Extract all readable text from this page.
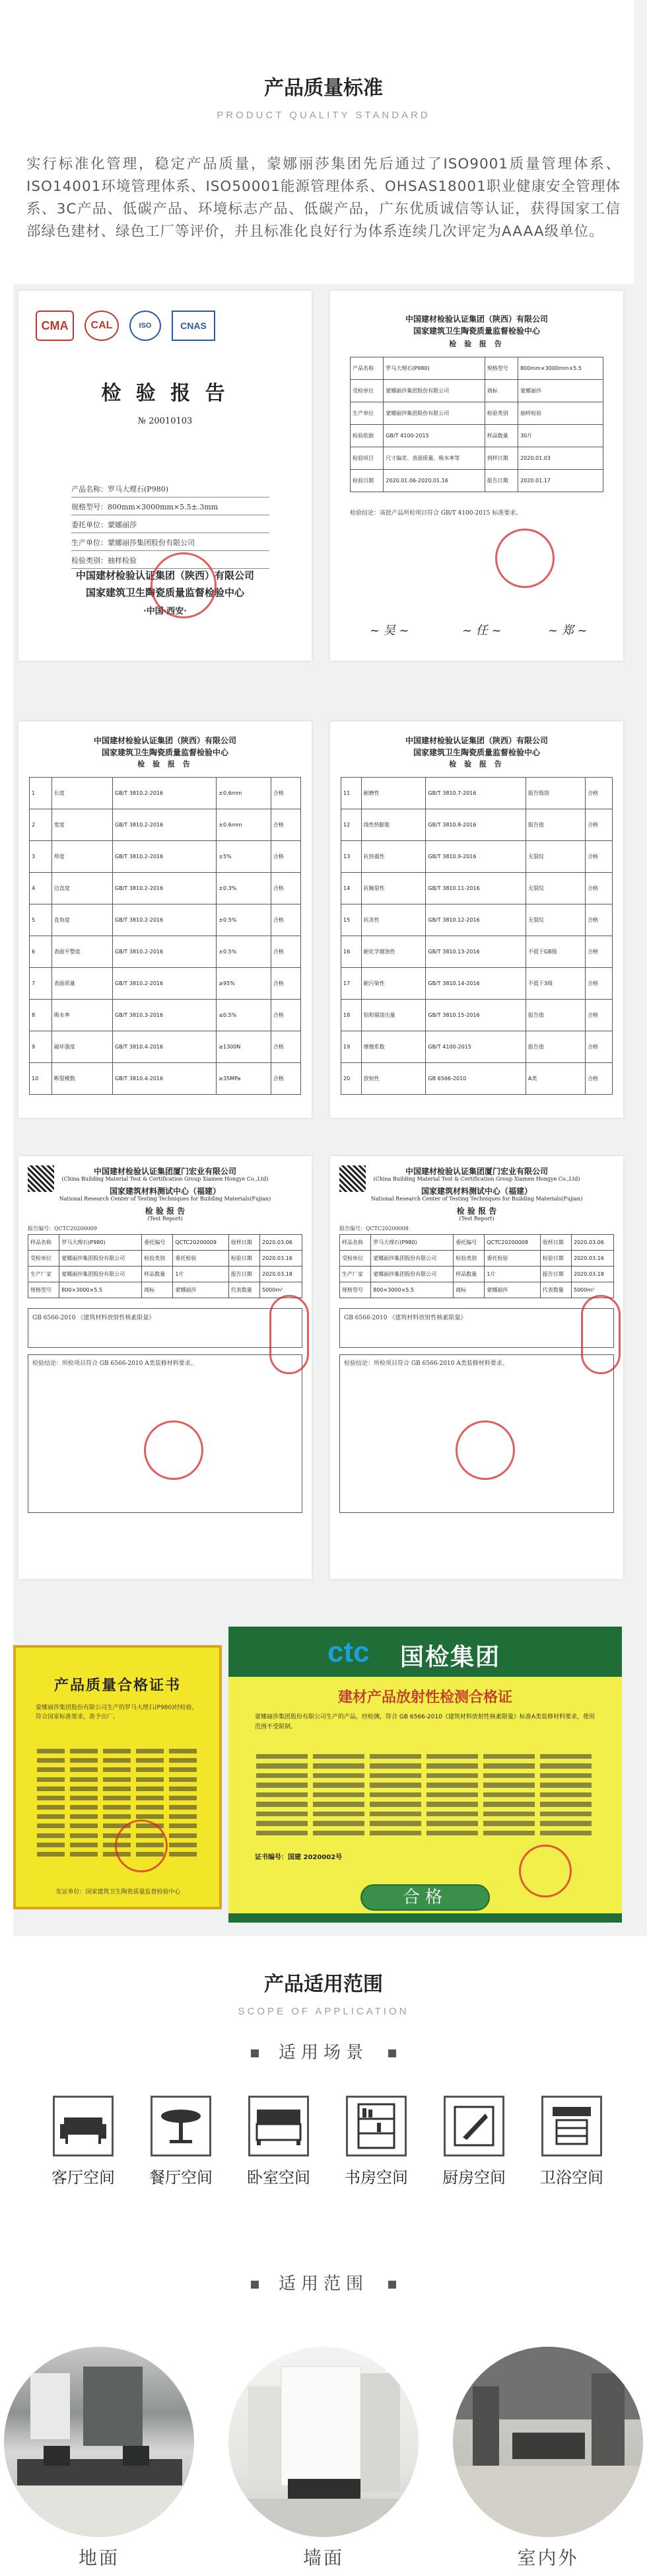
产品质量标准
PRODUCT QUALITY STANDARD
实行标准化管理，稳定产品质量，蒙娜丽莎集团先后通过了ISO9001质量管理体系、ISO14001环境管理体系、ISO50001能源管理体系、OHSAS18001职业健康安全管理体系、3C产品、低碳产品、环境标志产品、低碳产品，广东优质诚信等认证，获得国家工信部绿色建材、绿色工厂等评价，并且标准化良好行为体系连续几次评定为AAAA级单位。
CMA	CAL	ISO	CNAS
检 验 报 告
№ 20010103
产品名称：罗马大理石(P980)
规格型号：800mm×3000mm×5.5±.3mm
委托单位：蒙娜丽莎
生产单位：蒙娜丽莎集团股份有限公司
检验类别：抽样检验
中国建材检验认证集团（陕西）有限公司
国家建筑卫生陶瓷质量监督检验中心
·中国·西安·
中国建材检验认证集团（陕西）有限公司
国家建筑卫生陶瓷质量监督检验中心
检 验 报 告
产品名称	罗马大理石(P980)	规格型号	800mm×3000mm×5.5
受检单位	蒙娜丽莎集团股份有限公司	商标	蒙娜丽莎
生产单位	蒙娜丽莎集团股份有限公司	检验类别	抽样检验
检验依据	GB/T 4100-2015	样品数量	30片
检验项目	尺寸偏差、表面质量、吸水率等	到样日期	2020.01.03
检验日期	2020.01.06-2020.01.16	报告日期	2020.01.17
检验结论：该批产品所检项目符合 GB/T 4100-2015 标准要求。
~ 吴 ~	~ 任 ~	~ 郑 ~
中国建材检验认证集团（陕西）有限公司
国家建筑卫生陶瓷质量监督检验中心
检 验 报 告
1	长度	GB/T 3810.2-2016	±0.6mm	合格
2	宽度	GB/T 3810.2-2016	±0.6mm	合格
3	厚度	GB/T 3810.2-2016	±5%	合格
4	边直度	GB/T 3810.2-2016	±0.3%	合格
5	直角度	GB/T 3810.2-2016	±0.5%	合格
6	表面平整度	GB/T 3810.2-2016	±0.5%	合格
7	表面质量	GB/T 3810.2-2016	≥95%	合格
8	吸水率	GB/T 3810.3-2016	≤0.5%	合格
9	破坏强度	GB/T 3810.4-2016	≥1300N	合格
10	断裂模数	GB/T 3810.4-2016	≥35MPa	合格
中国建材检验认证集团（陕西）有限公司
国家建筑卫生陶瓷质量监督检验中心
检 验 报 告
11	耐磨性	GB/T 3810.7-2016	报告级别	合格
12	线性热膨胀	GB/T 3810.8-2016	报告值	合格
13	抗热震性	GB/T 3810.9-2016	无裂纹	合格
14	抗釉裂性	GB/T 3810.11-2016	无裂纹	合格
15	抗冻性	GB/T 3810.12-2016	无裂纹	合格
16	耐化学腐蚀性	GB/T 3810.13-2016	不低于GB级	合格
17	耐污染性	GB/T 3810.14-2016	不低于3级	合格
18	铅和镉溶出量	GB/T 3810.15-2016	报告值	合格
19	摩擦系数	GB/T 4100-2015	报告值	合格
20	放射性	GB 6566-2010	A类	合格
中国建材检验认证集团厦门宏业有限公司
(China Building Material Test & Certification Group Xiamen Hongye Co.,Ltd)
国家建筑材料测试中心（福建）
National Research Center of Testing Techniques for Building Materials(Fujian)
检 验 报 告
(Test Report)
报告编号：QCTC20200009
样品名称	罗马大理石(P980)	委托编号	QCTC20200009	收样日期	2020.03.06
受检单位	蒙娜丽莎集团股份有限公司	检验类别	委托检验	检验日期	2020.03.16
生产厂家	蒙娜丽莎集团股份有限公司	样品数量	1片	报告日期	2020.03.18
规格型号	800×3000×5.5	商标	蒙娜丽莎	代表数量	5000m²
GB 6566-2010 《建筑材料放射性核素限量》
检验结论：所检项目符合 GB 6566-2010 A类装修材料要求。
中国建材检验认证集团厦门宏业有限公司
(China Building Material Test & Certification Group Xiamen Hongye Co.,Ltd)
国家建筑材料测试中心（福建）
National Research Center of Testing Techniques for Building Materials(Fujian)
检 验 报 告
(Test Report)
报告编号：QCTC20200008
样品名称	罗马大理石(P980)	委托编号	QCTC20200008	收样日期	2020.03.06
受检单位	蒙娜丽莎集团股份有限公司	检验类别	委托检验	检验日期	2020.03.16
生产厂家	蒙娜丽莎集团股份有限公司	样品数量	1片	报告日期	2020.03.18
规格型号	800×3000×5.5	商标	蒙娜丽莎	代表数量	5000m²
GB 6566-2010 《建筑材料放射性核素限量》
检验结论：所检项目符合 GB 6566-2010 A类装修材料要求。
产品质量合格证书
蒙娜丽莎集团股份有限公司生产的罗马大理石(P980)经检验，符合国家标准要求，准予出厂。
发证单位：国家建筑卫生陶瓷质量监督检验中心
ctc 国检集团
建材产品放射性检测合格证
蒙娜丽莎集团股份有限公司生产的产品，经检测，符合 GB 6566-2010《建筑材料放射性核素限量》标准A类装修材料要求，使用范围不受限制。
证书编号：国建 2020002号
合格
产品适用范围
SCOPE OF APPLICATION
适用场景
客厅空间	餐厅空间	卧室空间	书房空间	厨房空间	卫浴空间
适用范围
地面	墙面	室内外
